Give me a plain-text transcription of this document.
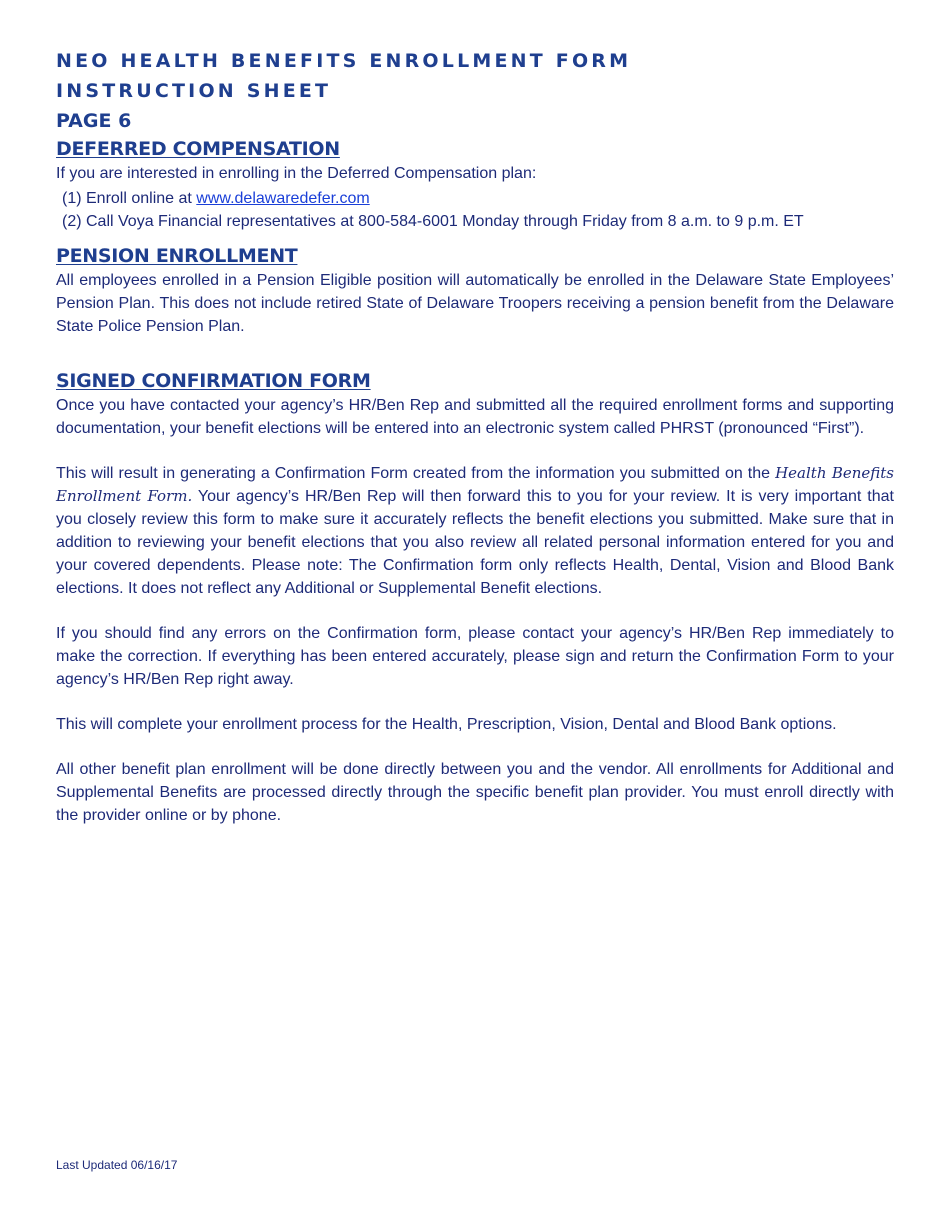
NEO HEALTH BENEFITS ENROLLMENT FORM

INSTRUCTION SHEET

PAGE 6

DEFERRED COMPENSATION

If you are interested in enrolling in the Deferred Compensation plan:

(1) Enroll online at www.delawaredefer.com

(2) Call Voya Financial representatives at 800-584-6001 Monday through Friday from 8 a.m. to 9 p.m. ET

PENSION ENROLLMENT

All employees enrolled in a Pension Eligible position will automatically be enrolled in the Delaware State Employees’ Pension Plan. This does not include retired State of Delaware Troopers receiving a pension benefit from the Delaware State Police Pension Plan.

SIGNED CONFIRMATION FORM

Once you have contacted your agency’s HR/Ben Rep and submitted all the required enrollment forms and supporting documentation, your benefit elections will be entered into an electronic system called PHRST (pronounced “First”).

This will result in generating a Confirmation Form created from the information you submitted on the Health Benefits Enrollment Form. Your agency’s HR/Ben Rep will then forward this to you for your review. It is very important that you closely review this form to make sure it accurately reflects the benefit elections you submitted. Make sure that in addition to reviewing your benefit elections that you also review all related personal information entered for you and your covered dependents. Please note: The Confirmation form only reflects Health, Dental, Vision and Blood Bank elections. It does not reflect any Additional or Supplemental Benefit elections.

If you should find any errors on the Confirmation form, please contact your agency’s HR/Ben Rep immediately to make the correction. If everything has been entered accurately, please sign and return the Confirmation Form to your agency’s HR/Ben Rep right away.

This will complete your enrollment process for the Health, Prescription, Vision, Dental and Blood Bank options.

All other benefit plan enrollment will be done directly between you and the vendor. All enrollments for Additional and Supplemental Benefits are processed directly through the specific benefit plan provider. You must enroll directly with the provider online or by phone.

Last Updated 06/16/17
